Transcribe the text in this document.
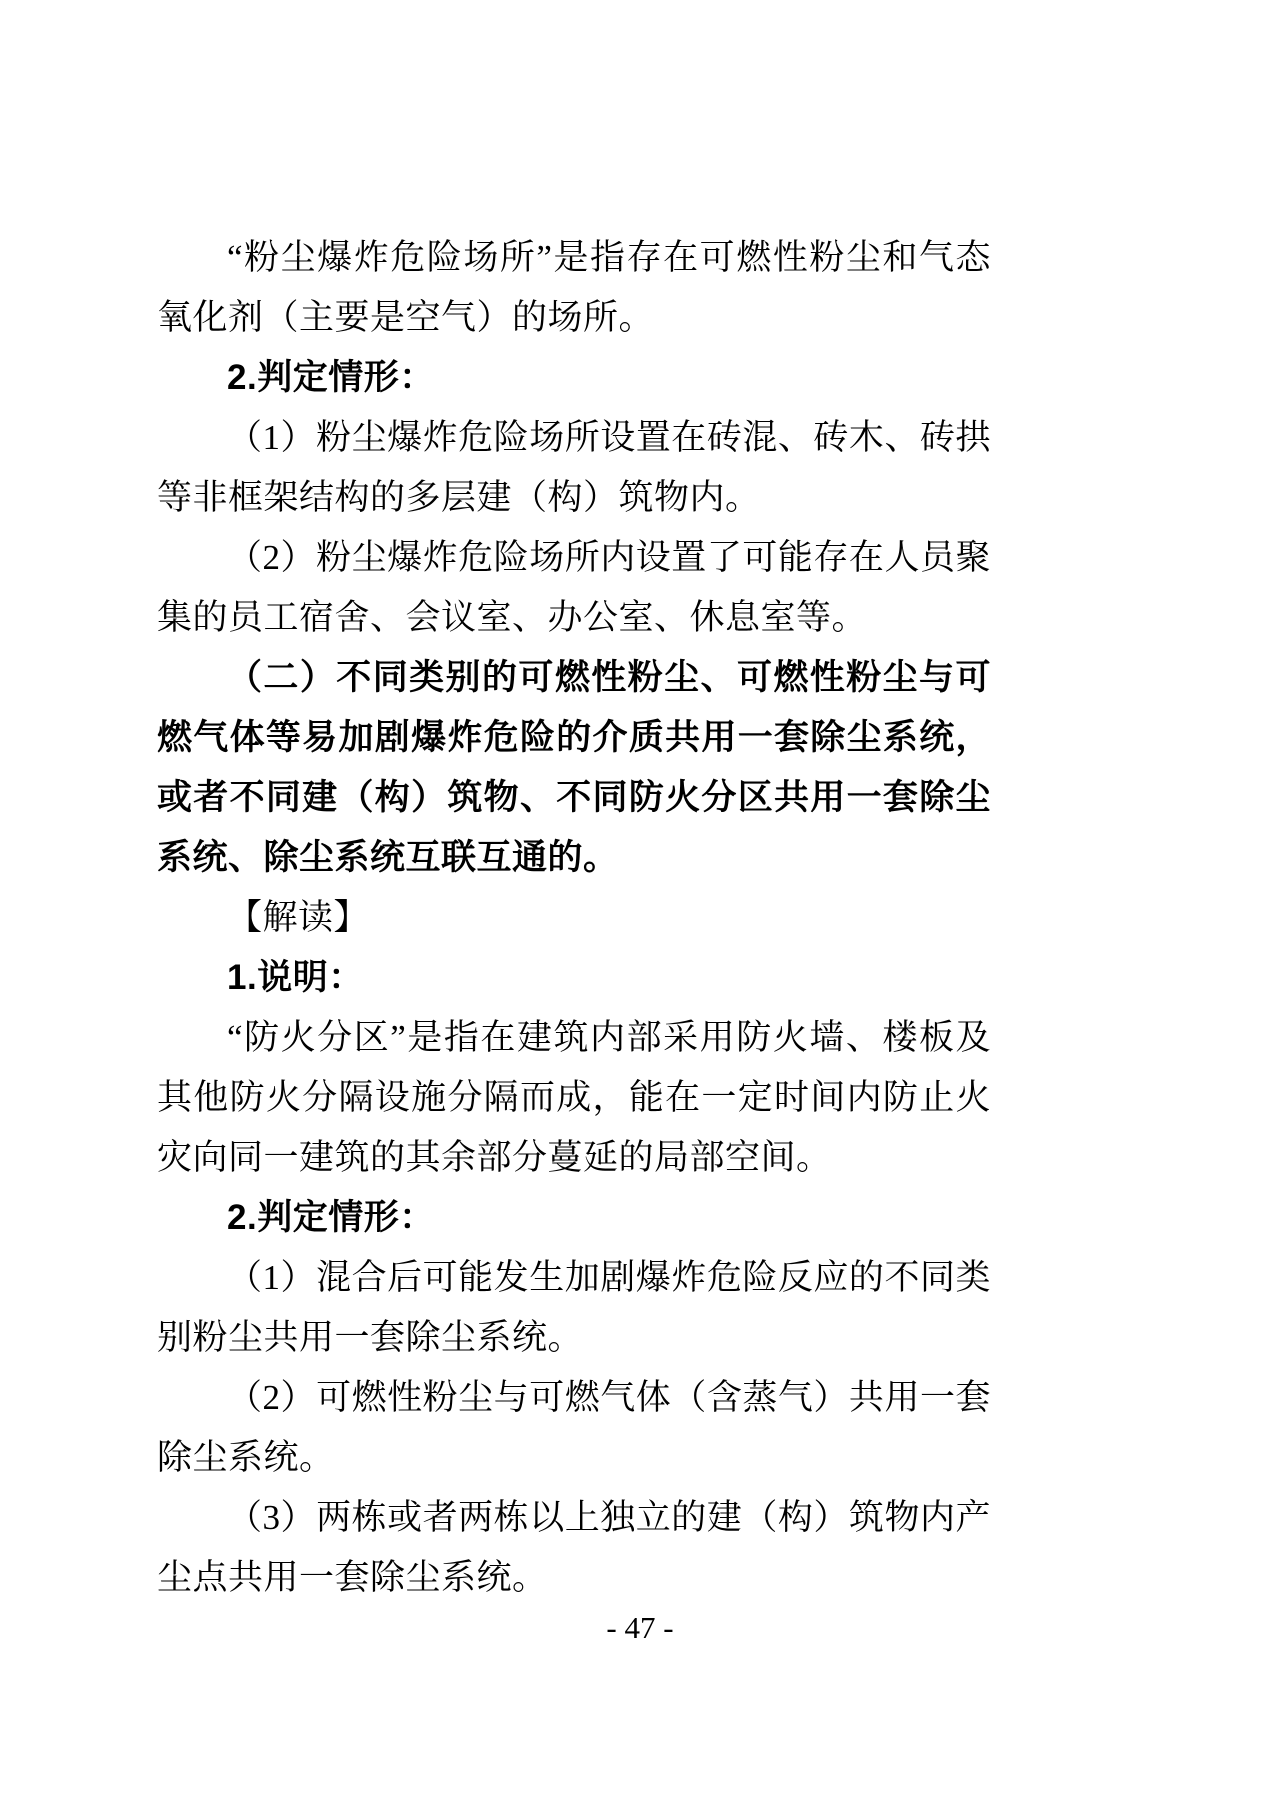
“粉尘爆炸危险场所”是指存在可燃性粉尘和气态氧化剂（主要是空气）的场所。

2.判定情形：

（1）粉尘爆炸危险场所设置在砖混、砖木、砖拱等非框架结构的多层建（构）筑物内。

（2）粉尘爆炸危险场所内设置了可能存在人员聚集的员工宿舍、会议室、办公室、休息室等。

（二）不同类别的可燃性粉尘、可燃性粉尘与可燃气体等易加剧爆炸危险的介质共用一套除尘系统，或者不同建（构）筑物、不同防火分区共用一套除尘系统、除尘系统互联互通的。

【解读】

1.说明：

“防火分区”是指在建筑内部采用防火墙、楼板及其他防火分隔设施分隔而成，能在一定时间内防止火灾向同一建筑的其余部分蔓延的局部空间。

2.判定情形：

（1）混合后可能发生加剧爆炸危险反应的不同类别粉尘共用一套除尘系统。

（2）可燃性粉尘与可燃气体（含蒸气）共用一套除尘系统。

（3）两栋或者两栋以上独立的建（构）筑物内产尘点共用一套除尘系统。

- 47 -
